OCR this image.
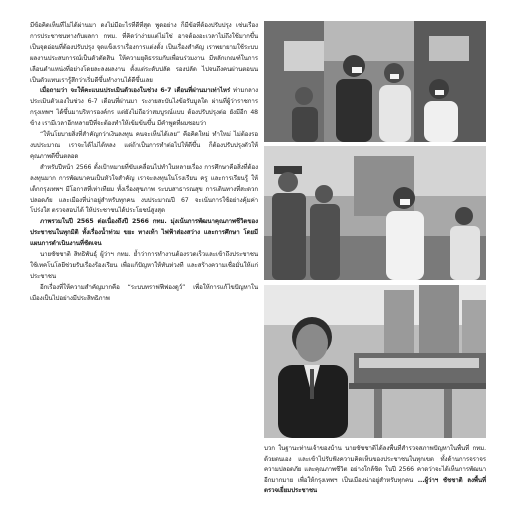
มีข้อคิดเห็นที่ไม่ได้ผ่านมา ดงไม่มีอะไรที่ดีที่สุด พูดอย่าง ก็มีข้อที่ต้องปรับปรุง เช่นเรื่องการประชาชนทางกับผลกา กทม. ที่คิดว่าง่ายแต่ไม่ใช่ อาจต้องอะเวลาไม่ถึงใช้มากขึ้น เป็นจุดอ่อนที่ต้องปรับปรุง จุดแข็งเราเรื่องการแต่งตั้ง เป็นเรื่องสำคัญ เราพยายามใช้ระบบผลงานประสบการณ์เป็นตัวตัดสิน ให้ความยุติธรรมกับเพื่อนร่วมงาน มีหลักเกณฑ์ในการเลือนตำแหน่งที่อย่างโดยละลงผลงาน ตั้งแต่ระดับปลัด รองปลัด ไปจนถึงคนผ่านตอนน เป็นตัวแทนเรารู้สึกว่าเริ่มดีขึ้นทำงานได้ดีขึ้นเลย

เมื่อถามว่า จะให้คะแนนประเมินตัวเองในช่วง 6-7 เดือนที่ผ่านมาเท่าไหร่ ท่ามกลางประเมินตัวเองในช่วง 6-7 เดือนที่ผ่านมา ระงายสะบันไงข้อรับมูลใด ผ่านที่ผู้ว่าราชการกรุงเทพฯ ได้ขึ้นมาบริหารองค์กร แต่ยังไม่ถือว่าสมบูรณ์แบบ ต้องปรับปรุงต่อ ยังมีอีก 48 ข้าง เรามีเวลาอีกหลายปีที่จะต้องทำให้เข้มข้นขึ้น มีคำพูดที่ผมชอบว่า

“ให้นโยบายสิ่งที่สำคัญกว่าเงินลงทุน คนจะเห็นได้เลย” คือคิดใหม่ ทำใหม่ ไม่ต้องรองบประมาณ เราจะได้ไม่ได้หลง แต่ถ้าเป็นการทำต่อไปให้ดีขึ้น ก็ต้องปรับปรุงตัวให้คุณภาพดีขึ้นตลอด

สำหรับปีหน้า 2566 ตั้งเป้าหมายที่ขับเคลื่อนไปทำในหลายเรื่อง การศึกษาคือสิ่งที่ต้องลงทุนมาก การพัฒนาคนเป็นหัวใจสำคัญ เราจะลงทุนในโรงเรียน ครู และการเรียนรู้ ให้เด็กกรุงเทพฯ มีโอกาสที่เท่าเทียม ทั้งเรื่องสุขภาพ ระบบสาธารณสุข การเดินทางที่สะดวก ปลอดภัย และเมืองที่น่าอยู่สำหรับทุกคน งบประมาณปี 67 จะเน้นการใช้อย่างคุ้มค่า โปร่งใส ตรวจสอบได้ ให้ประชาชนได้ประโยชน์สูงสุด

ภาพรวมในปี 2565 ต่อเนื่องถึงปี 2566 กทม. มุ่งเน้นการพัฒนาคุณภาพชีวิตของประชาชนในทุกมิติ ทั้งเรื่องน้ำท่วม ขยะ ทางเท้า ไฟฟ้าส่องสว่าง และการศึกษา โดยมีแผนการดำเนินงานที่ชัดเจน

นายชัชชาติ สิทธิพันธุ์ ผู้ว่าฯ กทม. ย้ำว่าการทำงานต้องรวดเร็วและเข้าถึงประชาชน ใช้เทคโนโลยีช่วยรับเรื่องร้องเรียน เพื่อแก้ปัญหาให้ทันท่วงที และสร้างความเชื่อมั่นให้แก่ประชาชน

อีกเรื่องที่ให้ความสำคัญมากคือ “ระบบทราฟฟีฟองดูว์” เพื่อให้การแก้ไขปัญหาในเมืองเป็นไปอย่างมีประสิทธิภาพ

บวก ในฐานะท่านเจ้าของบ้าน นายชัชชาติได้ลงพื้นที่สำรวจสภาพปัญหาในพื้นที่ กทม. ด้วยตนเอง และเข้าไปรับฟังความคิดเห็นของประชาชนในทุกเขต ทั้งด้านการจราจร ความปลอดภัย และคุณภาพชีวิต อย่างใกล้ชิด ในปี 2566 คาดว่าจะได้เห็นการพัฒนาอีกมากมาย เพื่อให้กรุงเทพฯ เป็นเมืองน่าอยู่สำหรับทุกคน ...ผู้ว่าฯ ชัชชาติ ลงพื้นที่ตรวจเยี่ยมประชาชน
